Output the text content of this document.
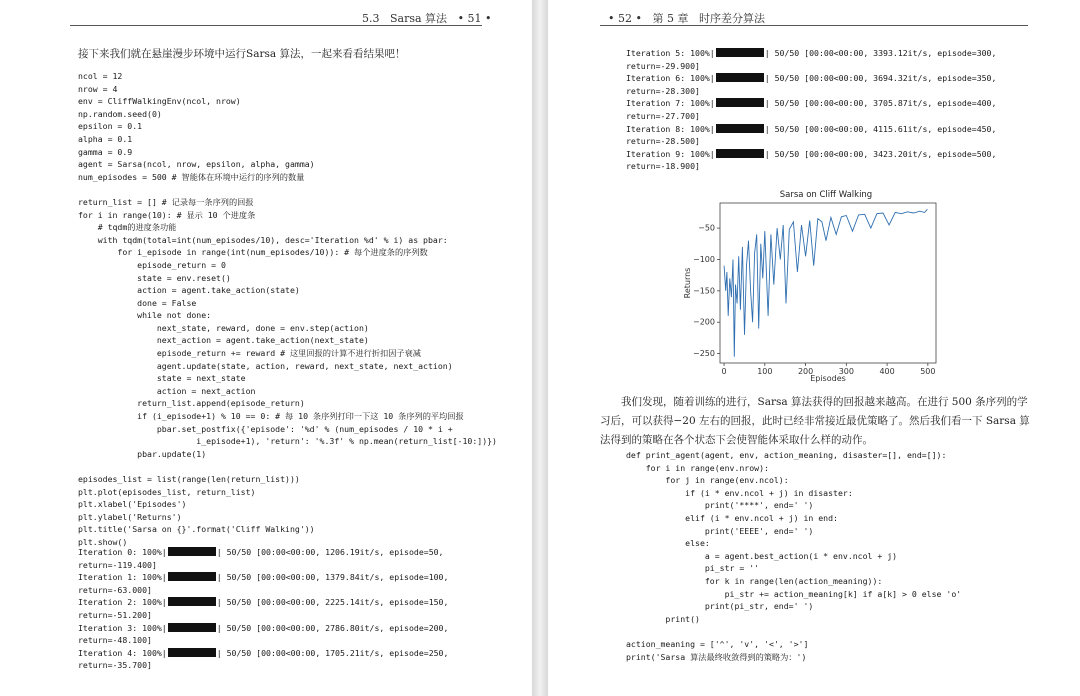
5.3 Sarsa 算法 • 51 •
接下来我们就在悬崖漫步环境中运行Sarsa 算法，一起来看看结果吧！
ncol = 12
nrow = 4
env = CliffWalkingEnv(ncol, nrow)
np.random.seed(0)
epsilon = 0.1
alpha = 0.1
gamma = 0.9
agent = Sarsa(ncol, nrow, epsilon, alpha, gamma)
num_episodes = 500 # 智能体在环境中运行的序列的数量
return_list = [] # 记录每一条序列的回报
for i in range(10): # 显示 10 个进度条
# tqdm的进度条功能
with tqdm(total=int(num_episodes/10), desc='Iteration %d' % i) as pbar:
for i_episode in range(int(num_episodes/10)): # 每个进度条的序列数
episode_return = 0
state = env.reset()
action = agent.take_action(state)
done = False
while not done:
next_state, reward, done = env.step(action)
next_action = agent.take_action(next_state)
episode_return += reward # 这里回报的计算不进行折扣因子衰减
agent.update(state, action, reward, next_state, next_action)
state = next_state
action = next_action
return_list.append(episode_return)
if (i_episode+1) % 10 == 0: # 每 10 条序列打印一下这 10 条序列的平均回报
pbar.set_postfix({'episode': '%d' % (num_episodes / 10 * i +
i_episode+1), 'return': '%.3f' % np.mean(return_list[-10:])})
pbar.update(1)
episodes_list = list(range(len(return_list)))
plt.plot(episodes_list, return_list)
plt.xlabel('Episodes')
plt.ylabel('Returns')
plt.title('Sarsa on {}'.format('Cliff Walking'))
plt.show()
Iteration 0: 100%|	| 50/50 [00:00<00:00, 1206.19it/s, episode=50,
return=-119.400]
Iteration 1: 100%|	| 50/50 [00:00<00:00, 1379.84it/s, episode=100,
return=-63.000]
Iteration 2: 100%|	| 50/50 [00:00<00:00, 2225.14it/s, episode=150,
return=-51.200]
Iteration 3: 100%|	| 50/50 [00:00<00:00, 2786.80it/s, episode=200,
return=-48.100]
Iteration 4: 100%|	| 50/50 [00:00<00:00, 1705.21it/s, episode=250,
return=-35.700]
• 52 • 第 5 章 时序差分算法
Iteration 5: 100%|	| 50/50 [00:00<00:00, 3393.12it/s, episode=300,
return=-29.900]
Iteration 6: 100%|	| 50/50 [00:00<00:00, 3694.32it/s, episode=350,
return=-28.300]
Iteration 7: 100%|	| 50/50 [00:00<00:00, 3705.87it/s, episode=400,
return=-27.700]
Iteration 8: 100%|	| 50/50 [00:00<00:00, 4115.61it/s, episode=450,
return=-28.500]
Iteration 9: 100%|	| 50/50 [00:00<00:00, 3423.20it/s, episode=500,
return=-18.900]
Sarsa on Cliff Walking
−50
−100
−150
−200
−250
0	100	200	300	400	500
Episodes
Returns
我们发现，随着训练的进行，Sarsa 算法获得的回报越来越高。在进行 500 条序列的学习后，可以获得−20 左右的回报，此时已经非常接近最优策略了。然后我们看一下 Sarsa 算法得到的策略在各个状态下会使智能体采取什么样的动作。
def print_agent(agent, env, action_meaning, disaster=[], end=[]):
for i in range(env.nrow):
for j in range(env.ncol):
if (i * env.ncol + j) in disaster:
print('****', end=' ')
elif (i * env.ncol + j) in end:
print('EEEE', end=' ')
else:
a = agent.best_action(i * env.ncol + j)
pi_str = ''
for k in range(len(action_meaning)):
pi_str += action_meaning[k] if a[k] > 0 else 'o'
print(pi_str, end=' ')
print()
action_meaning = ['^', 'v', '<', '>']
print('Sarsa 算法最终收敛得到的策略为：')
